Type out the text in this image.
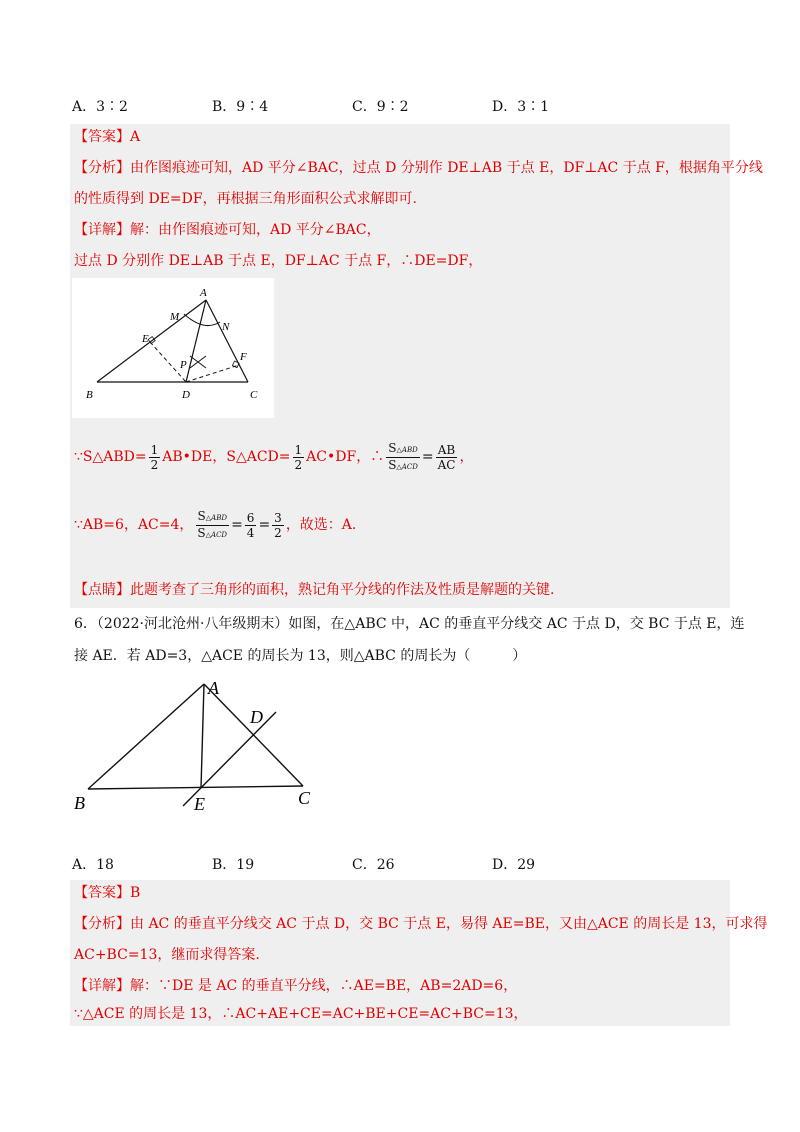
A．3∶2	B．9∶4	C．9∶2	D．3∶1
【答案】A
【分析】由作图痕迹可知，AD 平分∠BAC，过点 D 分别作 DE⊥AB 于点 E，DF⊥AC 于点 F，根据角平分线
的性质得到 DE=DF，再根据三角形面积公式求解即可.
【详解】解：由作图痕迹可知，AD 平分∠BAC，
过点 D 分别作 DE⊥AB 于点 E，DF⊥AC 于点 F，∴DE=DF，
A
M
N
E
F
P
B	D	C
∵S△ABD= $\frac{1}{2}$ AB•DE，S△ACD= $\frac{1}{2}$ AC•DF，∴ $\frac{\text{S△ABD}}{\text{S△ACD}} = \frac{AB}{AC}$ ，
∵AB=6，AC=4， $\frac{\text{S△ABD}}{\text{S△ACD}} = \frac{6}{4} = \frac{3}{2}$ ，故选：A.
【点睛】此题考查了三角形的面积，熟记角平分线的作法及性质是解题的关键.
6．（2022·河北沧州·八年级期末）如图，在△ABC 中，AC 的垂直平分线交 AC 于点 D，交 BC 于点 E，连
接 AE．若 AD=3，△ACE 的周长为 13，则△ABC 的周长为（　　　）
A
D
B	E	C
A．18	B．19	C．26	D．29
【答案】B
【分析】由 AC 的垂直平分线交 AC 于点 D，交 BC 于点 E，易得 AE=BE，又由△ACE 的周长是 13，可求得
AC+BC=13，继而求得答案.
【详解】解：∵DE 是 AC 的垂直平分线，∴AE=BE，AB=2AD=6，
∵△ACE 的周长是 13，∴AC+AE+CE=AC+BE+CE=AC+BC=13，
